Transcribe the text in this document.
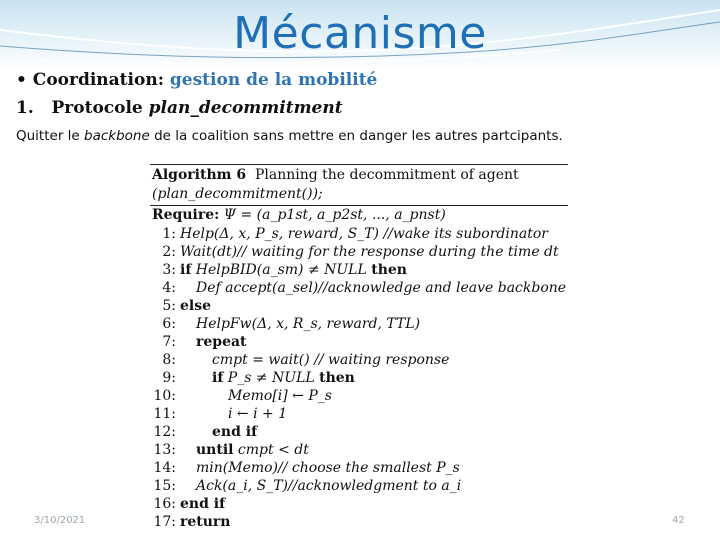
Mécanisme
• Coordination: gestion de la mobilité
1. Protocole plan_decommitment
Quitter le backbone de la coalition sans mettre en danger les autres partcipants.
Algorithm 6 Planning the decommitment of agent
(plan_decommitment());
Require: Ψ = (a_p1st, a_p2st, ..., a_pnst)
1: Help(Δ, x, P_s, reward, S_T) //wake its subordinator
2: Wait(dt)// waiting for the response during the time dt
3: if HelpBID(a_sm) ≠ NULL then
4: Def accept(a_sel)//acknowledge and leave backbone
5: else
6: HelpFw(Δ, x, R_s, reward, TTL)
7: repeat
8:	cmpt = wait() // waiting response
9:	if P_s ≠ NULL then
10:	Memo[i] ← P_s
11:	i ← i + 1
12:	end if
13: until cmpt < dt
14: min(Memo)// choose the smallest P_s
15: Ack(a_i, S_T)//acknowledgment to a_i
16: end if
17: return
3/10/2021	42
